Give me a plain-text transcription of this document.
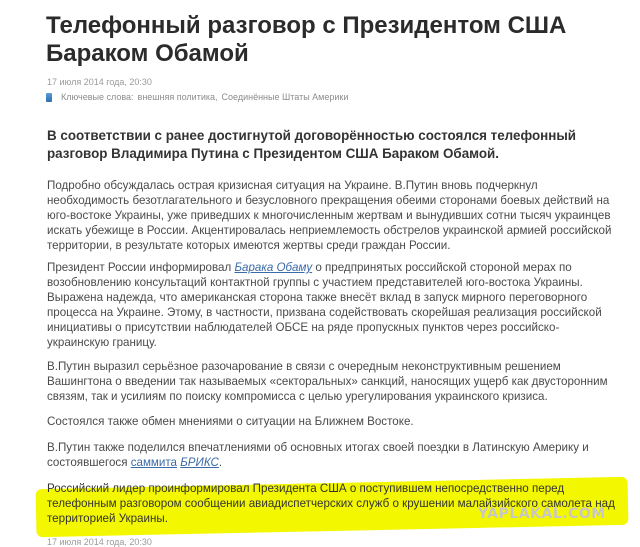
Телефонный разговор с Президентом США Бараком Обамой
17 июля 2014 года, 20:30
Ключевые слова: внешняя политика , Соединённые Штаты Америки
В соответствии с ранее достигнутой договорённостью состоялся телефонный разговор Владимира Путина с Президентом США Бараком Обамой.
Подробно обсуждалась острая кризисная ситуация на Украине. В.Путин вновь подчеркнул необходимость безотлагательного и безусловного прекращения обеими сторонами боевых действий на юго-востоке Украины, уже приведших к многочисленным жертвам и вынудивших сотни тысяч украинцев искать убежище в России. Акцентировалась неприемлемость обстрелов украинской армией российской территории, в результате которых имеются жертвы среди граждан России.
Президент России информировал Барака Обаму о предпринятых российской стороной мерах по возобновлению консультаций контактной группы с участием представителей юго-востока Украины. Выражена надежда, что американская сторона также внесёт вклад в запуск мирного переговорного процесса на Украине. Этому, в частности, призвана содействовать скорейшая реализация российской инициативы о присутствии наблюдателей ОБСЕ на ряде пропускных пунктов через российско-украинскую границу.
В.Путин выразил серьёзное разочарование в связи с очередным неконструктивным решением Вашингтона о введении так называемых «секторальных» санкций, наносящих ущерб как двусторонним связям, так и усилиям по поиску компромисса с целью урегулирования украинского кризиса.
Состоялся также обмен мнениями о ситуации на Ближнем Востоке.
В.Путин также поделился впечатлениями об основных итогах своей поездки в Латинскую Америку и состоявшегося саммита БРИКС.
Российский лидер проинформировал Президента США о поступившем непосредственно перед телефонным разговором сообщении авиадиспетчерских служб о крушении малайзийского самолета над территорией Украины.	YAPLAKAL.COM
17 июля 2014 года, 20:30
